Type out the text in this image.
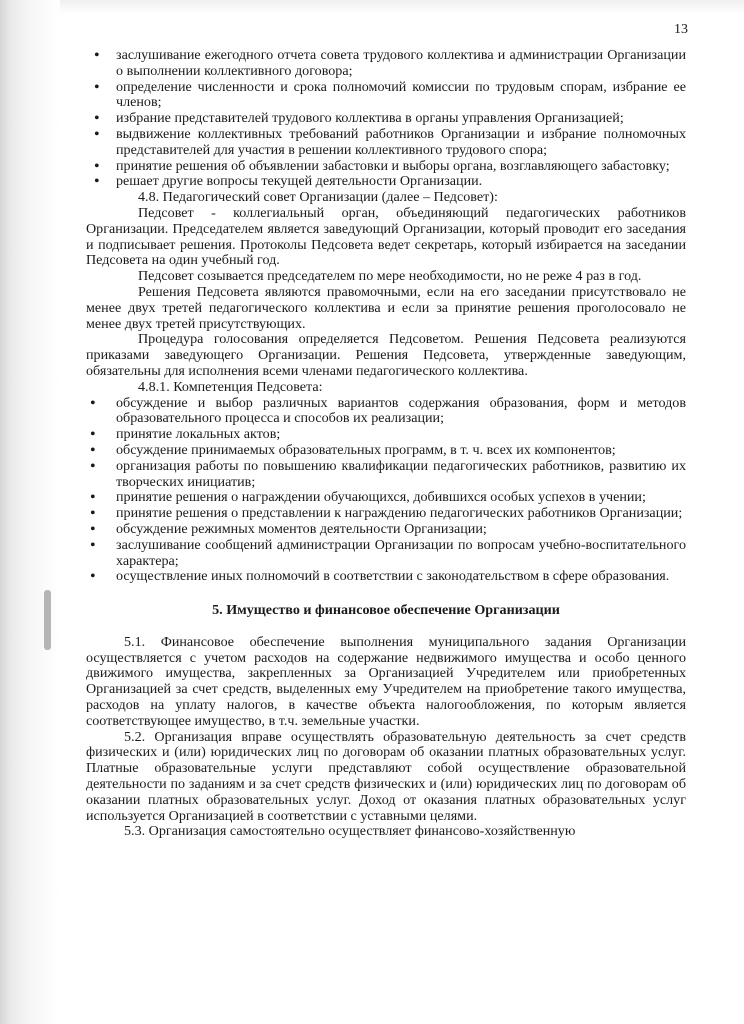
13
• заслушивание ежегодного отчета совета трудового коллектива и администрации Организации о выполнении коллективного договора;
• определение численности и срока полномочий комиссии по трудовым спорам, избрание ее членов;
• избрание представителей трудового коллектива в органы управления Организацией;
• выдвижение коллективных требований работников Организации и избрание полномочных представителей для участия в решении коллективного трудового спора;
• принятие решения об объявлении забастовки и выборы органа, возглавляющего забастовку;
• решает другие вопросы текущей деятельности Организации.

4.8. Педагогический совет Организации (далее – Педсовет):

Педсовет - коллегиальный орган, объединяющий педагогических работников Организации. Председателем является заведующий Организации, который проводит его заседания и подписывает решения. Протоколы Педсовета ведет секретарь, который избирается на заседании Педсовета на один учебный год.

Педсовет созывается председателем по мере необходимости, но не реже 4 раз в год.

Решения Педсовета являются правомочными, если на его заседании присутствовало не менее двух третей педагогического коллектива и если за принятие решения проголосовало не менее двух третей присутствующих.

Процедура голосования определяется Педсоветом. Решения Педсовета реализуются приказами заведующего Организации. Решения Педсовета, утвержденные заведующим, обязательны для исполнения всеми членами педагогического коллектива.

4.8.1. Компетенция Педсовета:

• обсуждение и выбор различных вариантов содержания образования, форм и методов образовательного процесса и способов их реализации;
• принятие локальных актов;
• обсуждение принимаемых образовательных программ, в т. ч. всех их компонентов;
• организация работы по повышению квалификации педагогических работников, развитию их творческих инициатив;
• принятие решения о награждении обучающихся, добившихся особых успехов в учении;
• принятие решения о представлении к награждению педагогических работников Организации;
• обсуждение режимных моментов деятельности Организации;
• заслушивание сообщений администрации Организации по вопросам учебно-воспитательного характера;
• осуществление иных полномочий в соответствии с законодательством в сфере образования.
5. Имущество и финансовое обеспечение Организации

5.1. Финансовое обеспечение выполнения муниципального задания Организации осуществляется с учетом расходов на содержание недвижимого имущества и особо ценного движимого имущества, закрепленных за Организацией Учредителем или приобретенных Организацией за счет средств, выделенных ему Учредителем на приобретение такого имущества, расходов на уплату налогов, в качестве объекта налогообложения, по которым является соответствующее имущество, в т.ч. земельные участки.

5.2. Организация вправе осуществлять образовательную деятельность за счет средств физических и (или) юридических лиц по договорам об оказании платных образовательных услуг. Платные образовательные услуги представляют собой осуществление образовательной деятельности по заданиям и за счет средств физических и (или) юридических лиц по договорам об оказании платных образовательных услуг. Доход от оказания платных образовательных услуг используется Организацией в соответствии с уставными целями.

5.3. Организация самостоятельно осуществляет финансово-хозяйственную
